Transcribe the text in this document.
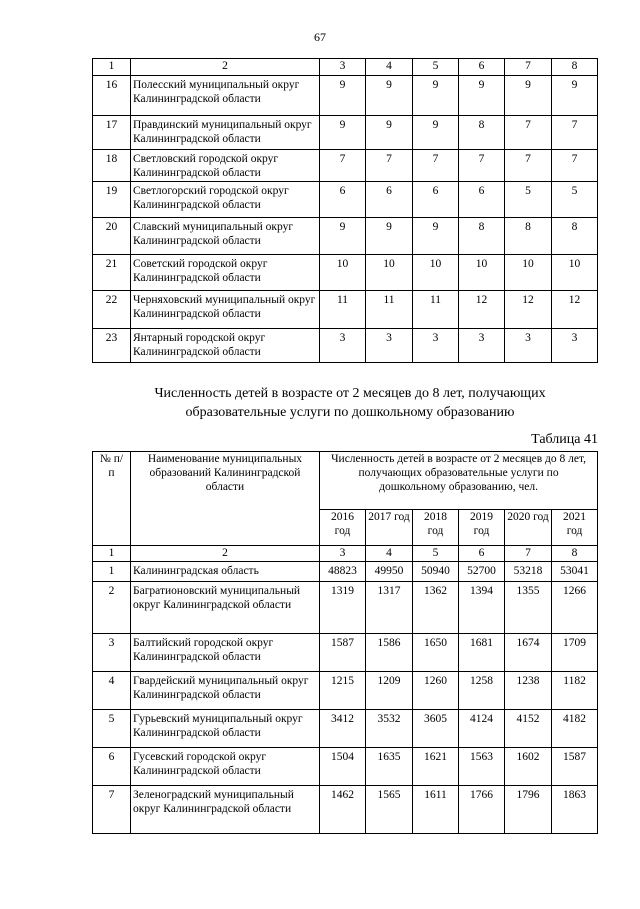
67
1	2	3	4	5	6	7	8
16	Полесский муниципальный округ Калининградской области	9	9	9	9	9	9
17	Правдинский муниципальный округ Калининградской области	9	9	9	8	7	7
18	Светловский городской округ Калининградской области	7	7	7	7	7	7
19	Светлогорский городской округ Калининградской области	6	6	6	6	5	5
20	Славский муниципальный округ Калининградской области	9	9	9	8	8	8
21	Советский городской округ Калининградской области	10	10	10	10	10	10
22	Черняховский муниципальный округ Калининградской области	11	11	11	12	12	12
23	Янтарный городской округ Калининградской области	3	3	3	3	3	3
Численность детей в возрасте от 2 месяцев до 8 лет, получающих
образовательные услуги по дошкольному образованию
Таблица 41
№ п/п	Наименование муниципальных образований Калининградской области	Численность детей в возрасте от 2 месяцев до 8 лет, получающих образовательные услуги по дошкольному образованию, чел.					
		2016 год	2017 год	2018 год	2019 год	2020 год	2021 год
1	2	3	4	5	6	7	8
1	Калининградская область	48823	49950	50940	52700	53218	53041
2	Багратионовский муниципальный округ Калининградской области	1319	1317	1362	1394	1355	1266
3	Балтийский городской округ Калининградской области	1587	1586	1650	1681	1674	1709
4	Гвардейский муниципальный округ Калининградской области	1215	1209	1260	1258	1238	1182
5	Гурьевский муниципальный округ Калининградской области	3412	3532	3605	4124	4152	4182
6	Гусевский городской округ Калининградской области	1504	1635	1621	1563	1602	1587
7	Зеленоградский муниципальный округ Калининградской области	1462	1565	1611	1766	1796	1863
